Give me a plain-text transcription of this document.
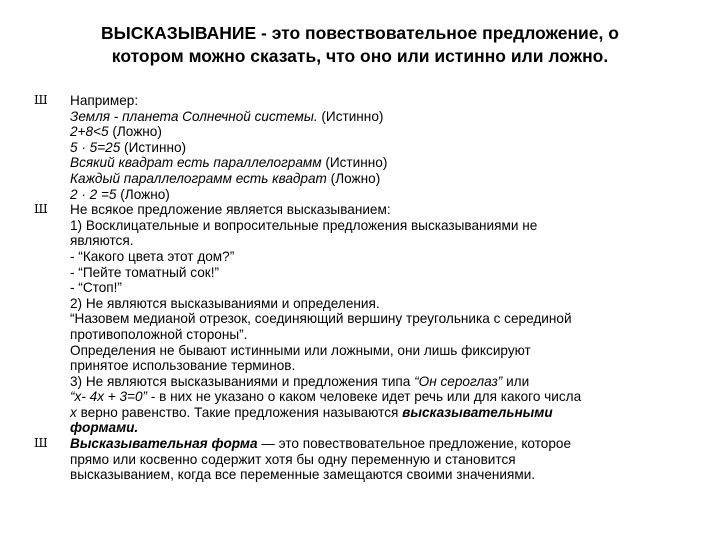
ВЫСКАЗЫВАНИЕ - это повествовательное предложение, о
котором можно сказать, что оно или истинно или ложно.
Ш Например:
Земля - планета Солнечной системы. (Истинно)
2+8<5 (Ложно)
5 · 5=25 (Истинно)
Всякий квадрат есть параллелограмм (Истинно)
Каждый параллелограмм есть квадрат (Ложно)
2 · 2 =5 (Ложно)
Ш Не всякое предложение является высказыванием:
1) Восклицательные и вопросительные предложения высказываниями не
являются.
- “Какого цвета этот дом?”
- “Пейте томатный сок!”
- “Стоп!”
2) Не являются высказываниями и определения.
“Назовем медианой отрезок, соединяющий вершину треугольника с серединой
противоположной стороны”.
Определения не бывают истинными или ложными, они лишь фиксируют
принятое использование терминов.
3) Не являются высказываниями и предложения типа “Он сероглаз” или
“x- 4x + 3=0” - в них не указано о каком человеке идет речь или для какого числа
x верно равенство. Такие предложения называются высказывательными
формами.
Ш Высказывательная форма — это повествовательное предложение, которое
прямо или косвенно содержит хотя бы одну переменную и становится
высказыванием, когда все переменные замещаются своими значениями.
